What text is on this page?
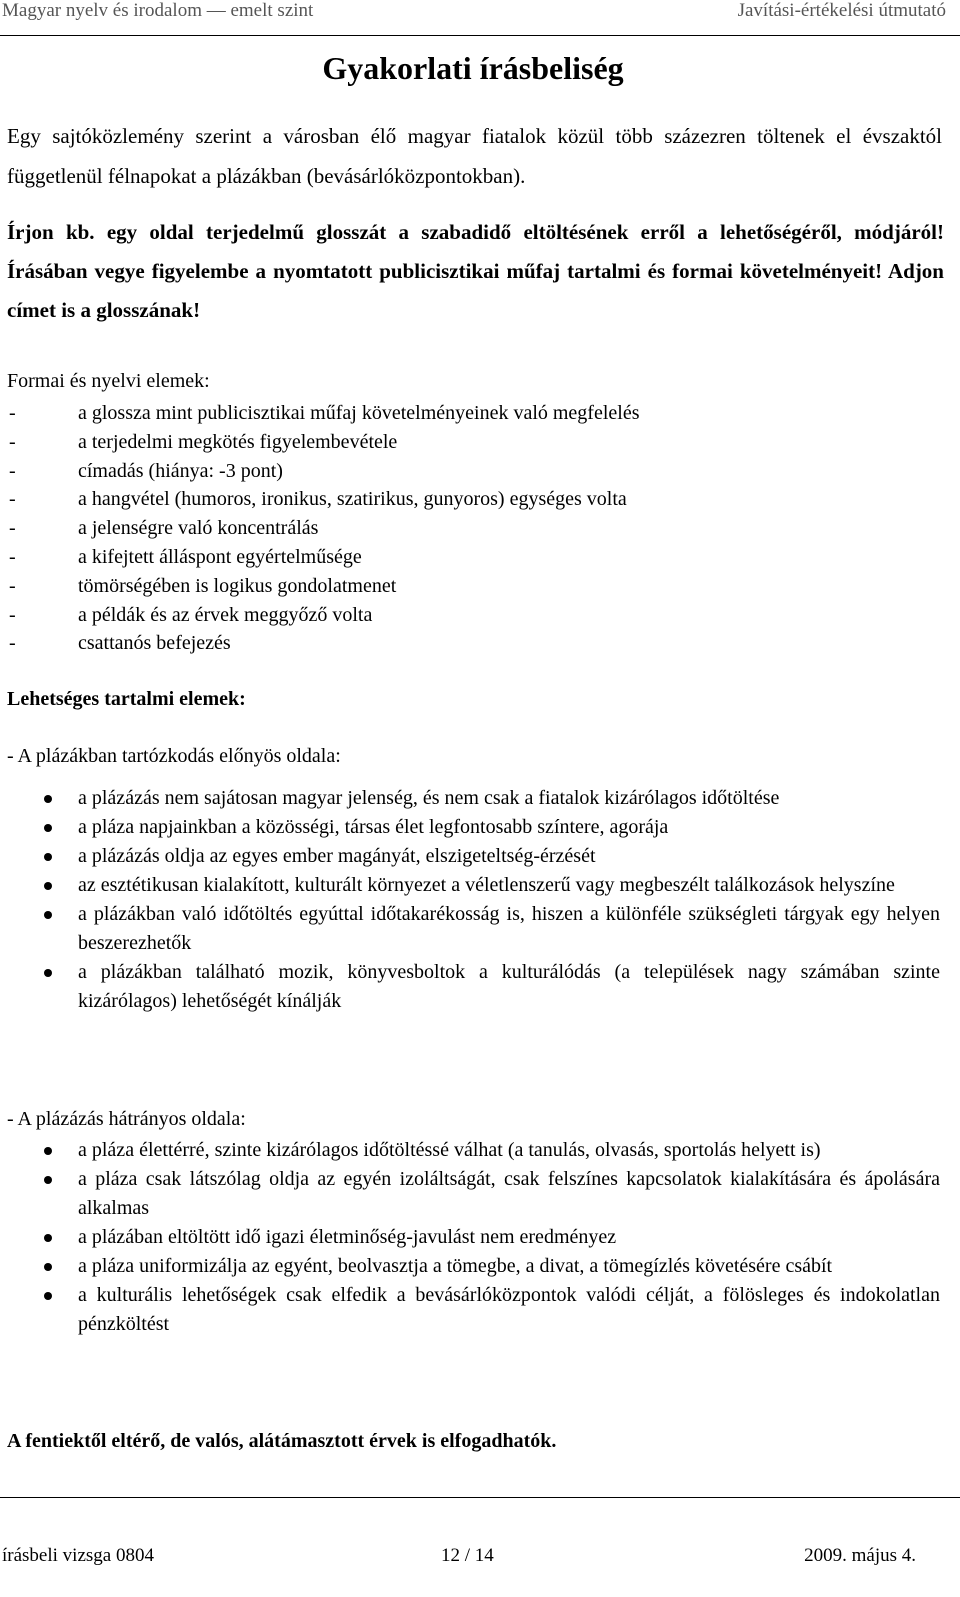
Magyar nyelv és irodalom — emelt szint	Javítási-értékelési útmutató
Gyakorlati írásbeliség
Egy sajtóközlemény szerint a városban élő magyar fiatalok közül több százezren töltenek el évszaktól függetlenül félnapokat a plázákban (bevásárlóközpontokban).
Írjon kb. egy oldal terjedelmű glosszát a szabadidő eltöltésének erről a lehetőségéről, módjáról! Írásában vegye figyelembe a nyomtatott publicisztikai műfaj tartalmi és formai követelményeit! Adjon címet is a glosszának!
Formai és nyelvi elemek:
-	a glossza mint publicisztikai műfaj követelményeinek való megfelelés
-	a terjedelmi megkötés figyelembevétele
-	címadás (hiánya: -3 pont)
-	a hangvétel (humoros, ironikus, szatirikus, gunyoros) egységes volta
-	a jelenségre való koncentrálás
-	a kifejtett álláspont egyértelműsége
-	tömörségében is logikus gondolatmenet
-	a példák és az érvek meggyőző volta
-	csattanós befejezés
Lehetséges tartalmi elemek:
- A plázákban tartózkodás előnyös oldala:
a plázázás nem sajátosan magyar jelenség, és nem csak a fiatalok kizárólagos időtöltése
a pláza napjainkban a közösségi, társas élet legfontosabb színtere, agorája
a plázázás oldja az egyes ember magányát, elszigeteltség-érzését
az esztétikusan kialakított, kulturált környezet a véletlenszerű vagy megbeszélt találkozások helyszíne
a plázákban való időtöltés egyúttal időtakarékosság is, hiszen a különféle szükségleti tárgyak egy helyen beszerezhetők
a plázákban található mozik, könyvesboltok a kulturálódás (a települések nagy számában szinte kizárólagos) lehetőségét kínálják
- A plázázás hátrányos oldala:
a pláza élettérré, szinte kizárólagos időtöltéssé válhat (a tanulás, olvasás, sportolás helyett is)
a pláza csak látszólag oldja az egyén izoláltságát, csak felszínes kapcsolatok kialakítására és ápolására alkalmas
a plázában eltöltött idő igazi életminőség-javulást nem eredményez
a pláza uniformizálja az egyént, beolvasztja a tömegbe, a divat, a tömegízlés követésére csábít
a kulturális lehetőségek csak elfedik a bevásárlóközpontok valódi célját, a fölösleges és indokolatlan pénzköltést
A fentiektől eltérő, de valós, alátámasztott érvek is elfogadhatók.
írásbeli vizsga 0804	12 / 14	2009. május 4.
